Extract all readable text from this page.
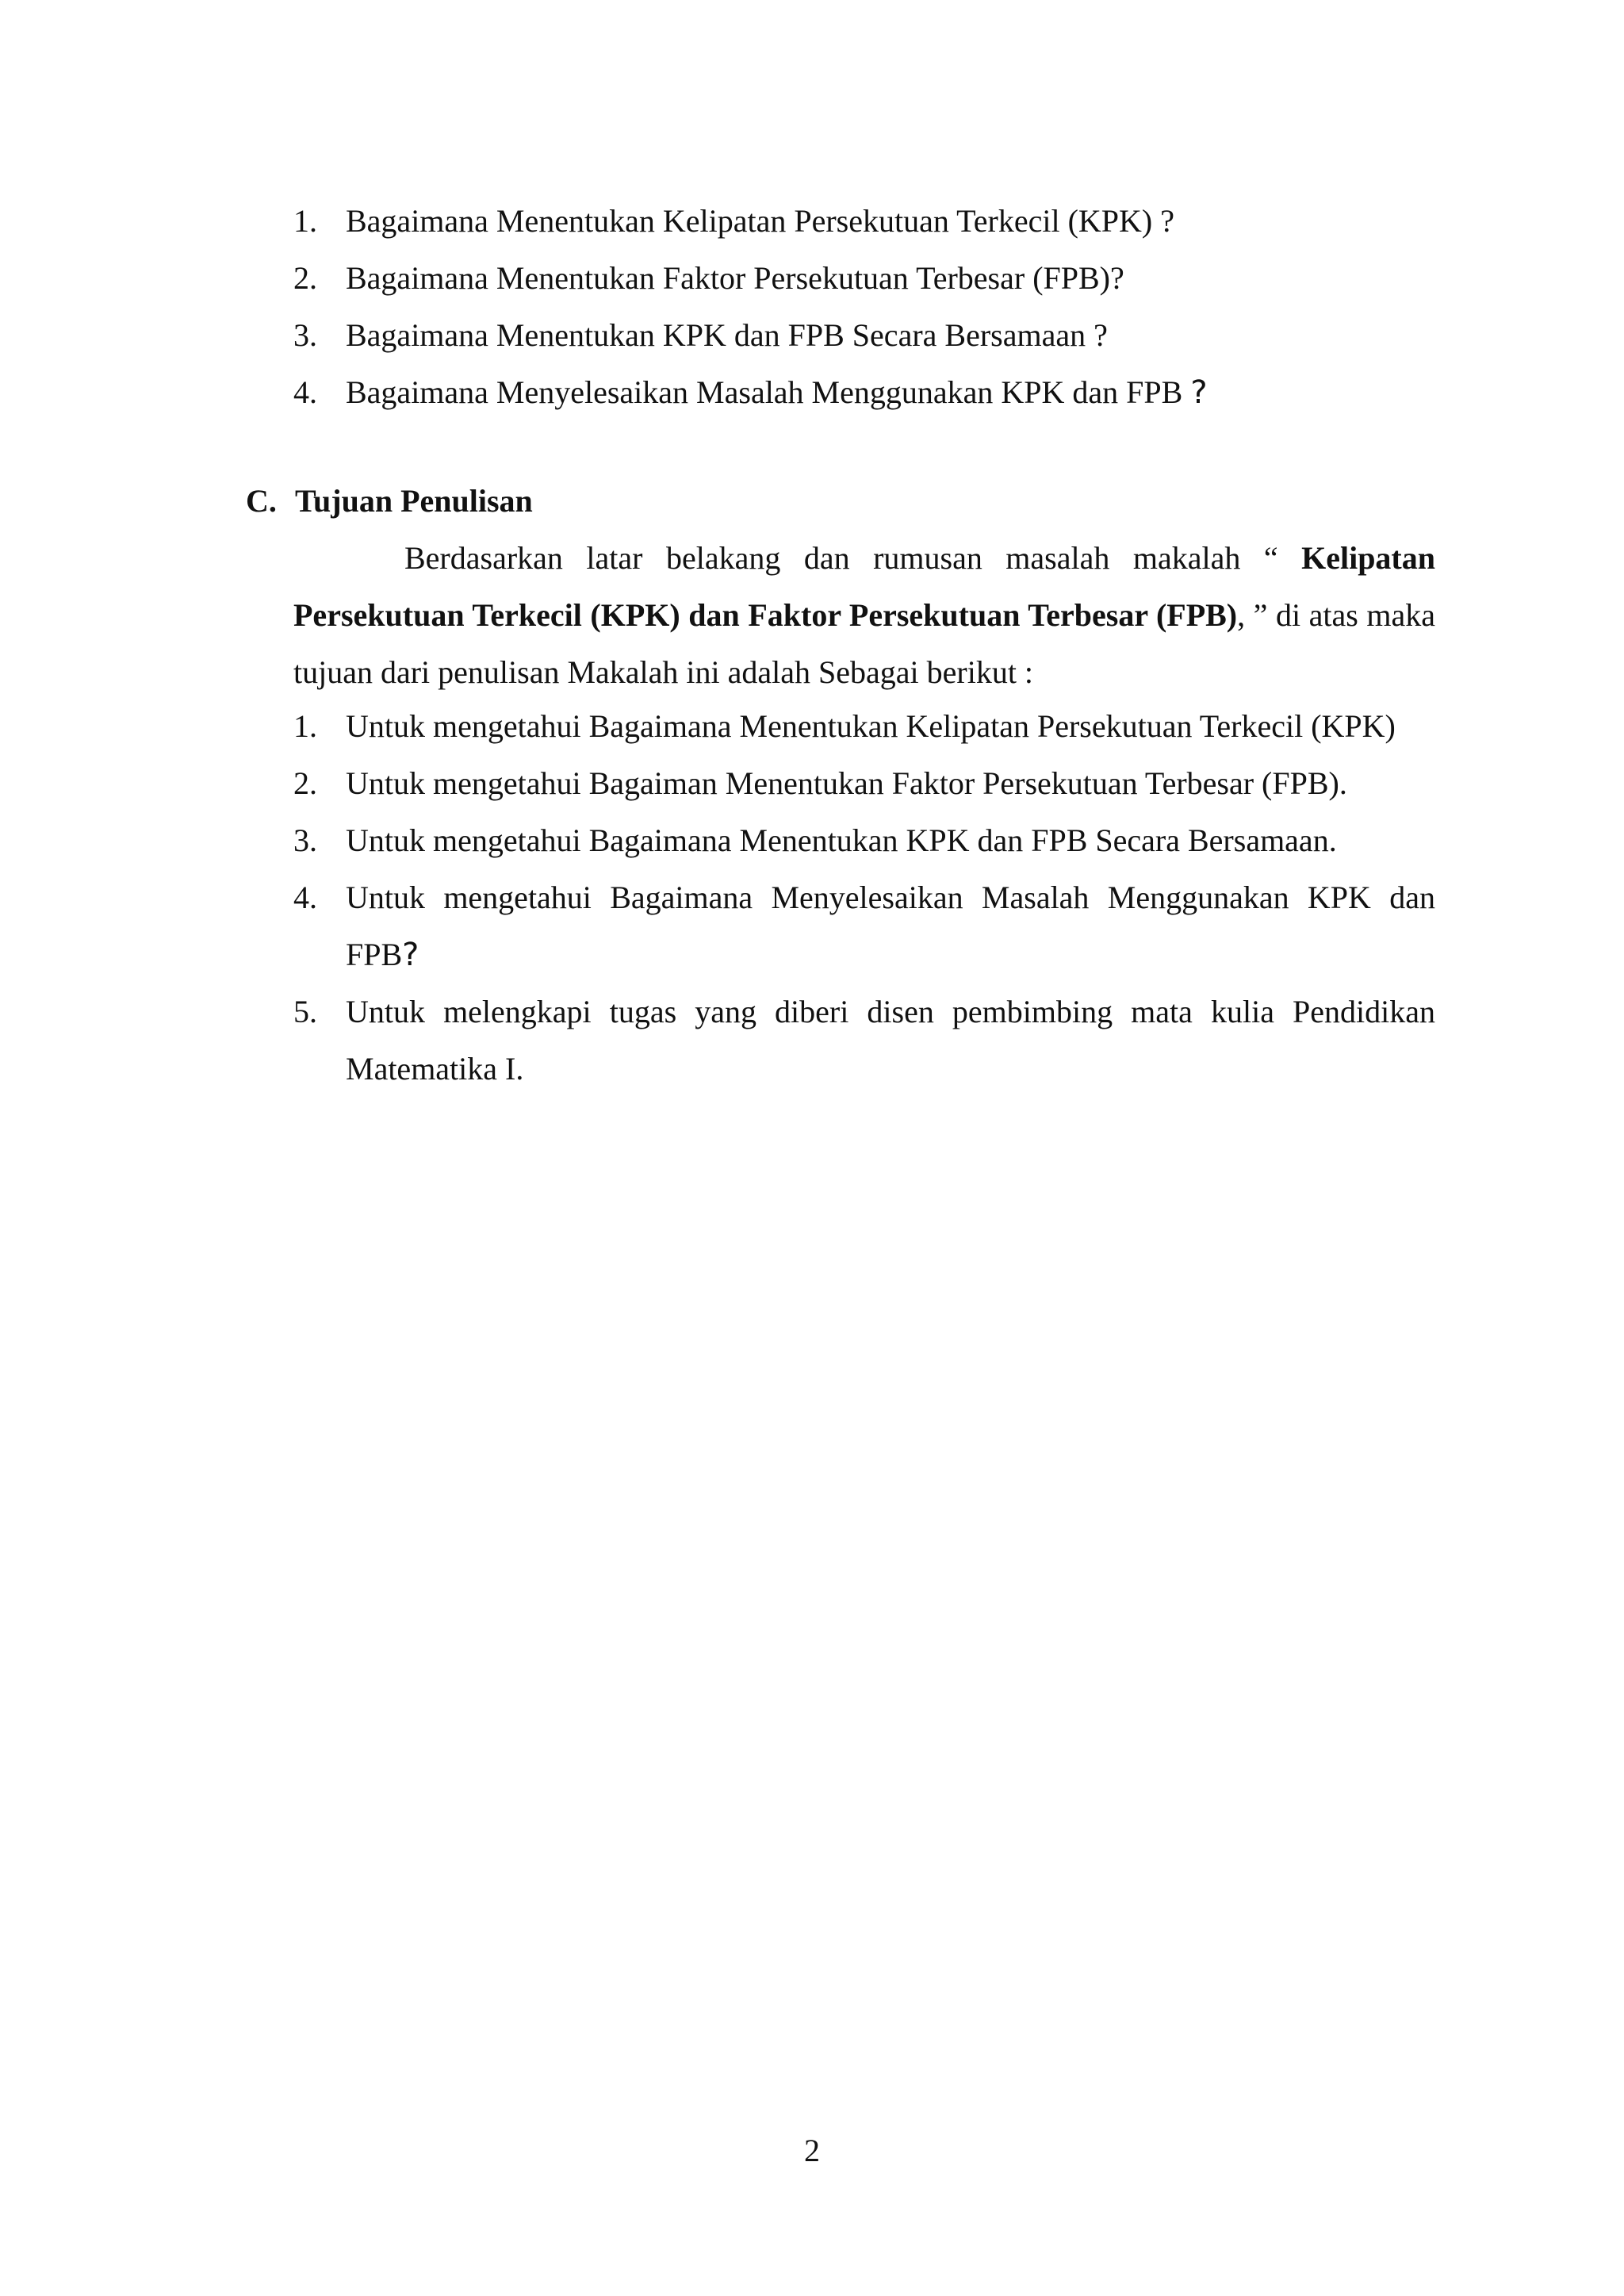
1. Bagaimana Menentukan Kelipatan Persekutuan Terkecil (KPK) ?
2. Bagaimana Menentukan Faktor Persekutuan Terbesar (FPB)?
3. Bagaimana Menentukan KPK dan FPB Secara Bersamaan ?
4. Bagaimana Menyelesaikan Masalah Menggunakan KPK dan FPB ?
C. Tujuan Penulisan
Berdasarkan latar belakang dan rumusan masalah makalah “ Kelipatan Persekutuan Terkecil (KPK) dan Faktor Persekutuan Terbesar (FPB), ” di atas maka tujuan dari penulisan Makalah ini adalah Sebagai berikut :
1. Untuk mengetahui Bagaimana Menentukan Kelipatan Persekutuan Terkecil (KPK)
2. Untuk mengetahui Bagaiman Menentukan Faktor Persekutuan Terbesar (FPB).
3. Untuk mengetahui Bagaimana Menentukan KPK dan FPB Secara Bersamaan.
4. Untuk mengetahui Bagaimana Menyelesaikan Masalah Menggunakan KPK dan FPB?
5. Untuk melengkapi tugas yang diberi disen pembimbing mata kulia Pendidikan Matematika I.
2
